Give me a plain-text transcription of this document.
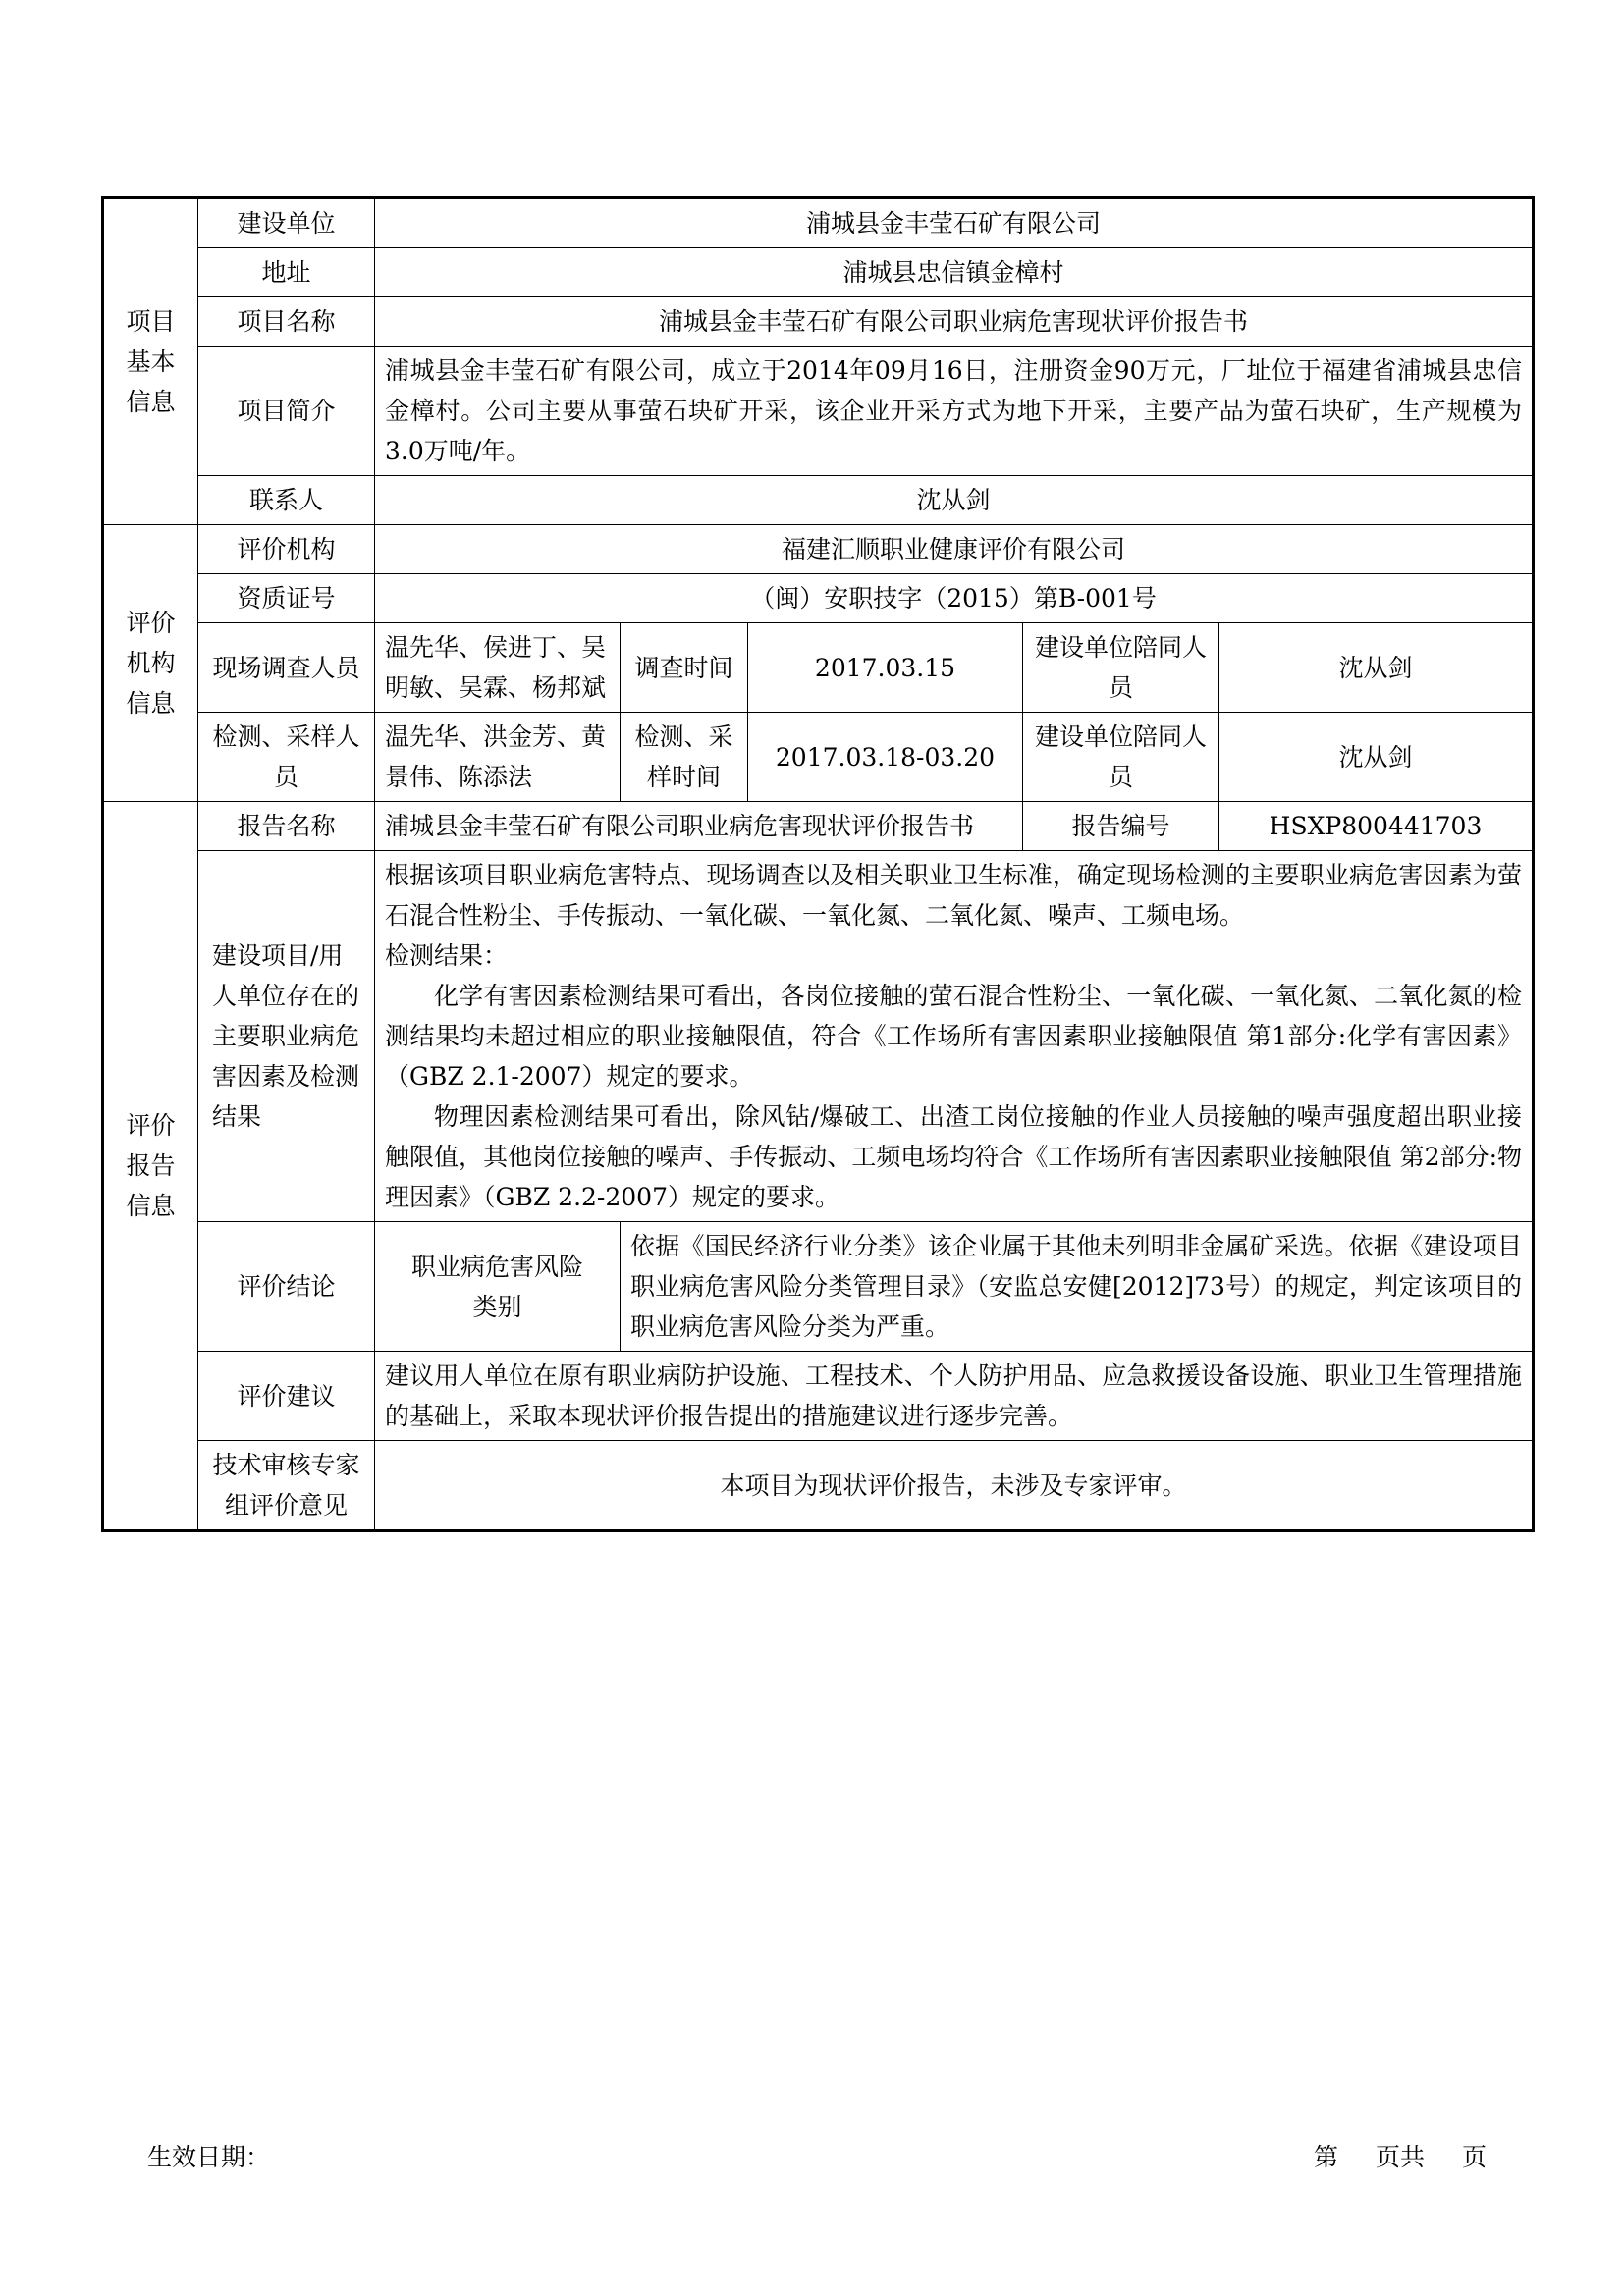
项目基本信息	建设单位	浦城县金丰莹石矿有限公司				
	地址	浦城县忠信镇金樟村				
	项目名称	浦城县金丰莹石矿有限公司职业病危害现状评价报告书				
	项目简介	浦城县金丰莹石矿有限公司，成立于2014年09月16日，注册资金90万元，厂址位于福建省浦城县忠信金樟村。公司主要从事萤石块矿开采，该企业开采方式为地下开采，主要产品为萤石块矿，生产规模为3.0万吨/年。				
	联系人	沈从剑				
评价机构信息	评价机构	福建汇顺职业健康评价有限公司				
	资质证号	（闽）安职技字（2015）第B-001号				
	现场调查人员	温先华、侯进丁、吴明敏、吴霖、杨邦斌	调查时间	2017.03.15	建设单位陪同人员	沈从剑
	检测、采样人员	温先华、洪金芳、黄景伟、陈添法	检测、采样时间	2017.03.18-03.20	建设单位陪同人员	沈从剑
评价报告信息	报告名称	浦城县金丰莹石矿有限公司职业病危害现状评价报告书			报告编号	HSXP800441703
	建设项目/用人单位存在的主要职业病危害因素及检测结果	根据该项目职业病危害特点、现场调查以及相关职业卫生标准，确定现场检测的主要职业病危害因素为萤石混合性粉尘、手传振动、一氧化碳、一氧化氮、二氧化氮、噪声、工频电场。

检测结果：

化学有害因素检测结果可看出，各岗位接触的萤石混合性粉尘、一氧化碳、一氧化氮、二氧化氮的检测结果均未超过相应的职业接触限值，符合《工作场所有害因素职业接触限值 第1部分:化学有害因素》（GBZ 2.1-2007）规定的要求。

物理因素检测结果可看出，除风钻/爆破工、出渣工岗位接触的作业人员接触的噪声强度超出职业接触限值，其他岗位接触的噪声、手传振动、工频电场均符合《工作场所有害因素职业接触限值 第2部分:物理因素》（GBZ 2.2-2007）规定的要求。				

	评价结论	职业病危害风险类别	依据《国民经济行业分类》该企业属于其他未列明非金属矿采选。依据《建设项目职业病危害风险分类管理目录》（安监总安健[2012]73号）的规定，判定该项目的职业病危害风险分类为严重。			
	评价建议	建议用人单位在原有职业病防护设施、工程技术、个人防护用品、应急救援设备设施、职业卫生管理措施的基础上，采取本现状评价报告提出的措施建议进行逐步完善。				
	技术审核专家组评价意见	本项目为现状评价报告，未涉及专家评审。				
生效日期：	第 页共 页
